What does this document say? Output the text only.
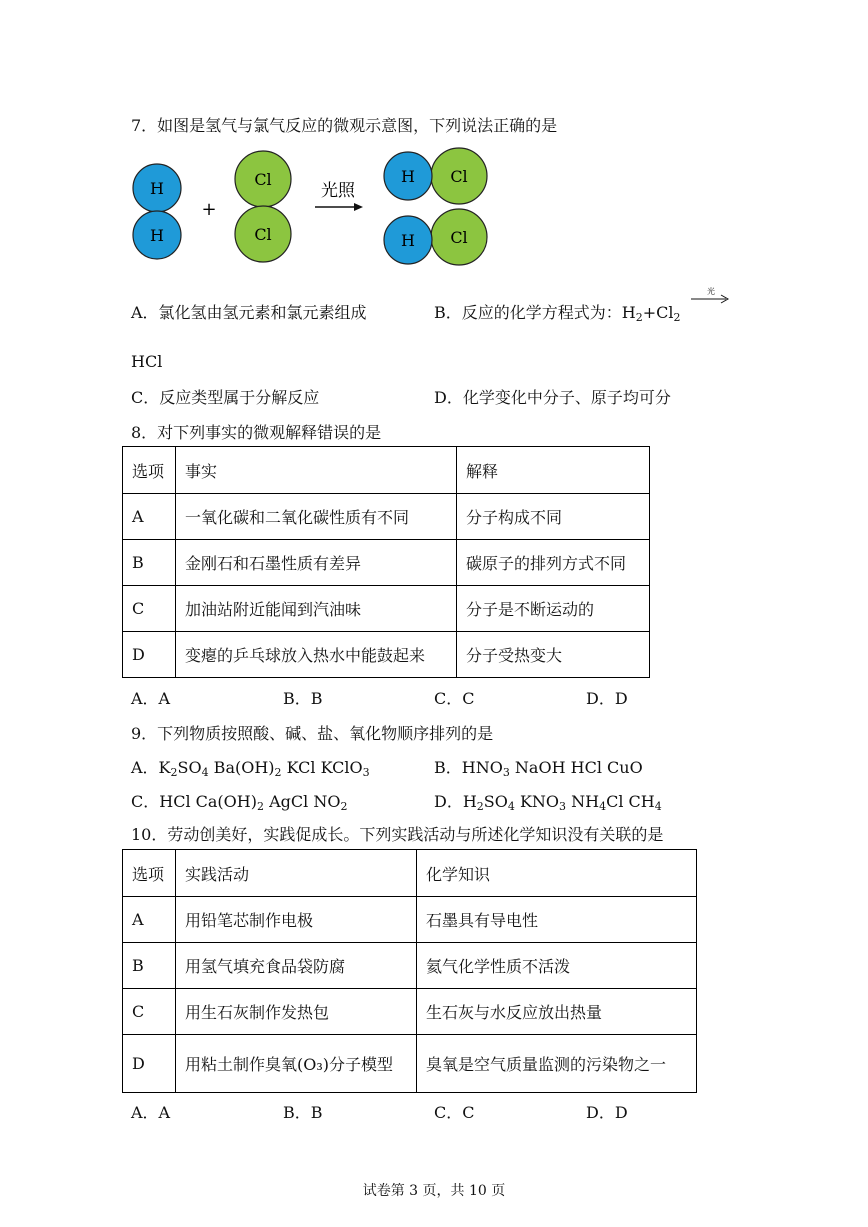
7．如图是氢气与氯气反应的微观示意图，下列说法正确的是
H
H
+
Cl
Cl
光照
H Cl
H Cl
A．氯化氢由氢元素和氯元素组成	B．反应的化学方程式为：$H_2+Cl_2$
光
HCl
C．反应类型属于分解反应	D．化学变化中分子、原子均可分
8．对下列事实的微观解释错误的是
选项	事实	解释
A	一氧化碳和二氧化碳性质有不同	分子构成不同
B	金刚石和石墨性质有差异	碳原子的排列方式不同
C	加油站附近能闻到汽油味	分子是不断运动的
D	变瘪的乒乓球放入热水中能鼓起来	分子受热变大
A．A	B．B	C．C	D．D
9．下列物质按照酸、碱、盐、氧化物顺序排列的是
A．$K_2SO_4$ $Ba(OH)_2$ KCl KClO$_3$	B．$HNO_3$ NaOH HCl CuO
C．HCl $Ca(OH)_2$ AgCl $NO_2$	D．$H_2SO_4$ $KNO_3$ $NH_4Cl$ $CH_4$
10．劳动创美好，实践促成长。下列实践活动与所述化学知识没有关联的是
选项	实践活动	化学知识
A	用铅笔芯制作电极	石墨具有导电性
B	用氢气填充食品袋防腐	氦气化学性质不活泼
C	用生石灰制作发热包	生石灰与水反应放出热量
D	用粘土制作臭氧(O₃)分子模型	臭氧是空气质量监测的污染物之一
A．A	B．B	C．C	D．D
试卷第 3 页，共 10 页
